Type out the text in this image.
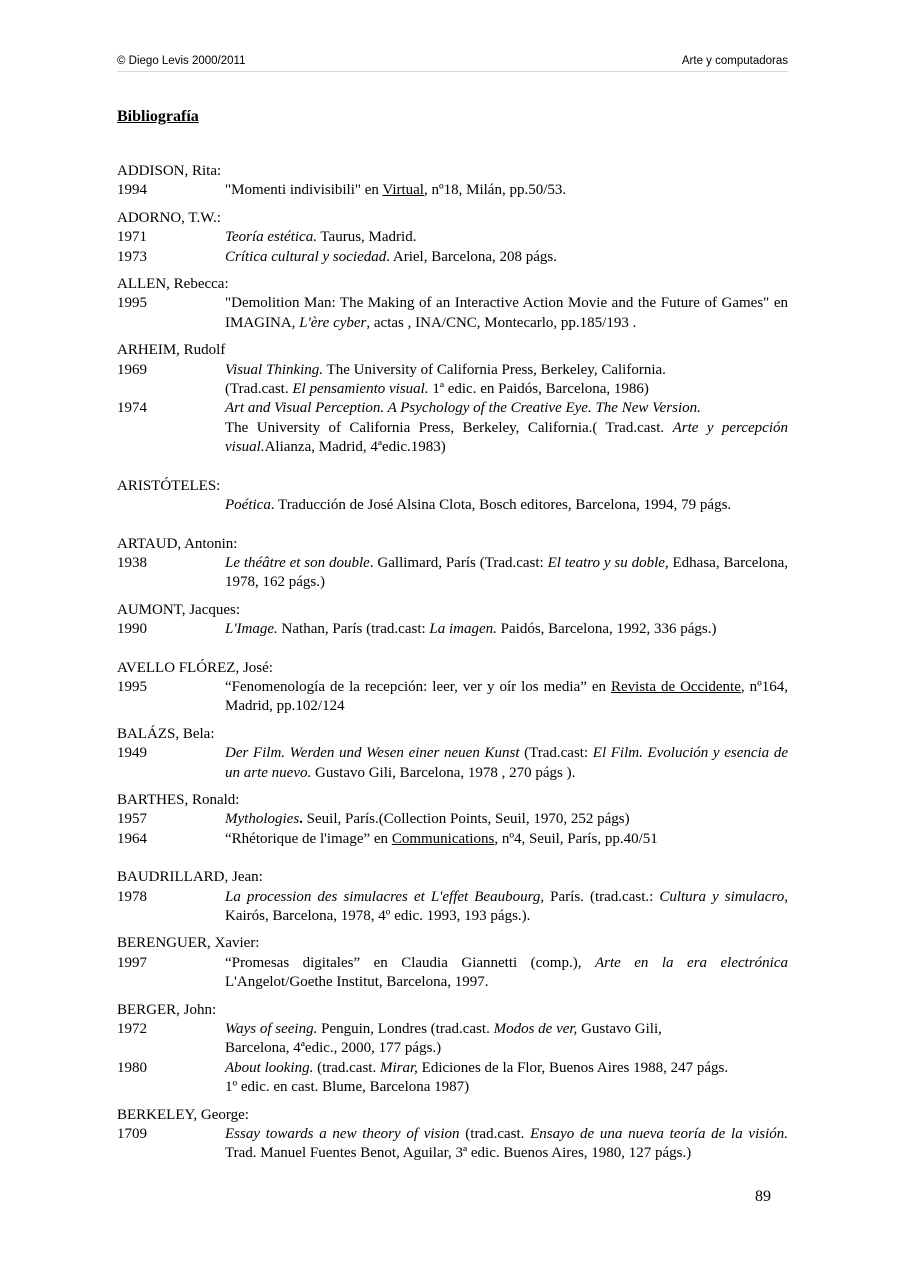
© Diego Levis 2000/2011	Arte y computadoras
Bibliografía
ADDISON, Rita:
1994	"Momenti indivisibili" en Virtual, nº18, Milán, pp.50/53.
ADORNO, T.W.:
1971	Teoría estética. Taurus, Madrid.
1973	Crítica cultural y sociedad. Ariel, Barcelona, 208 págs.
ALLEN, Rebecca:
1995	"Demolition Man: The Making of an Interactive Action Movie and the Future of Games" en IMAGINA, L'ère cyber, actas , INA/CNC, Montecarlo, pp.185/193 .
ARHEIM, Rudolf
1969	Visual Thinking. The University of California Press, Berkeley, California.
(Trad.cast. El pensamiento visual. 1ª edic. en Paidós, Barcelona, 1986)
1974	Art and Visual Perception. A Psychology of the Creative Eye. The New Version.
The University of California Press, Berkeley, California.( Trad.cast. Arte y percepción visual.Alianza, Madrid, 4ªedic.1983)
ARISTÓTELES:
Poética. Traducción de José Alsina Clota, Bosch editores, Barcelona, 1994, 79 págs.
ARTAUD, Antonin:
1938	Le théâtre et son double. Gallimard, París (Trad.cast: El teatro y su doble, Edhasa, Barcelona, 1978, 162 págs.)
AUMONT, Jacques:
1990	L'Image. Nathan, París (trad.cast: La imagen. Paidós, Barcelona, 1992, 336 págs.)
AVELLO FLÓREZ, José:
1995	“Fenomenología de la recepción: leer, ver y oír los media” en Revista de Occidente, nº164, Madrid, pp.102/124
BALÁZS, Bela:
1949	Der Film. Werden und Wesen einer neuen Kunst (Trad.cast: El Film. Evolución y esencia de un arte nuevo. Gustavo Gili, Barcelona, 1978 , 270 págs ).
BARTHES, Ronald:
1957	Mythologies. Seuil, París.(Collection Points, Seuil, 1970, 252 págs)
1964	“Rhétorique de l'image” en Communications, nº4, Seuil, París, pp.40/51
BAUDRILLARD, Jean:
1978	La procession des simulacres et L'effet Beaubourg, París. (trad.cast.: Cultura y simulacro, Kairós, Barcelona, 1978, 4º edic. 1993, 193 págs.).
BERENGUER, Xavier:
1997	“Promesas digitales” en Claudia Giannetti (comp.), Arte en la era electrónica L'Angelot/Goethe Institut, Barcelona, 1997.
BERGER, John:
1972	Ways of seeing. Penguin, Londres (trad.cast. Modos de ver, Gustavo Gili,
Barcelona, 4ªedic., 2000, 177 págs.)
1980	About looking. (trad.cast. Mirar, Ediciones de la Flor, Buenos Aires 1988, 247 págs.
1º edic. en cast. Blume, Barcelona 1987)
BERKELEY, George:
1709	Essay towards a new theory of vision (trad.cast. Ensayo de una nueva teoría de la visión. Trad. Manuel Fuentes Benot, Aguilar, 3ª edic. Buenos Aires, 1980, 127 págs.)
89
